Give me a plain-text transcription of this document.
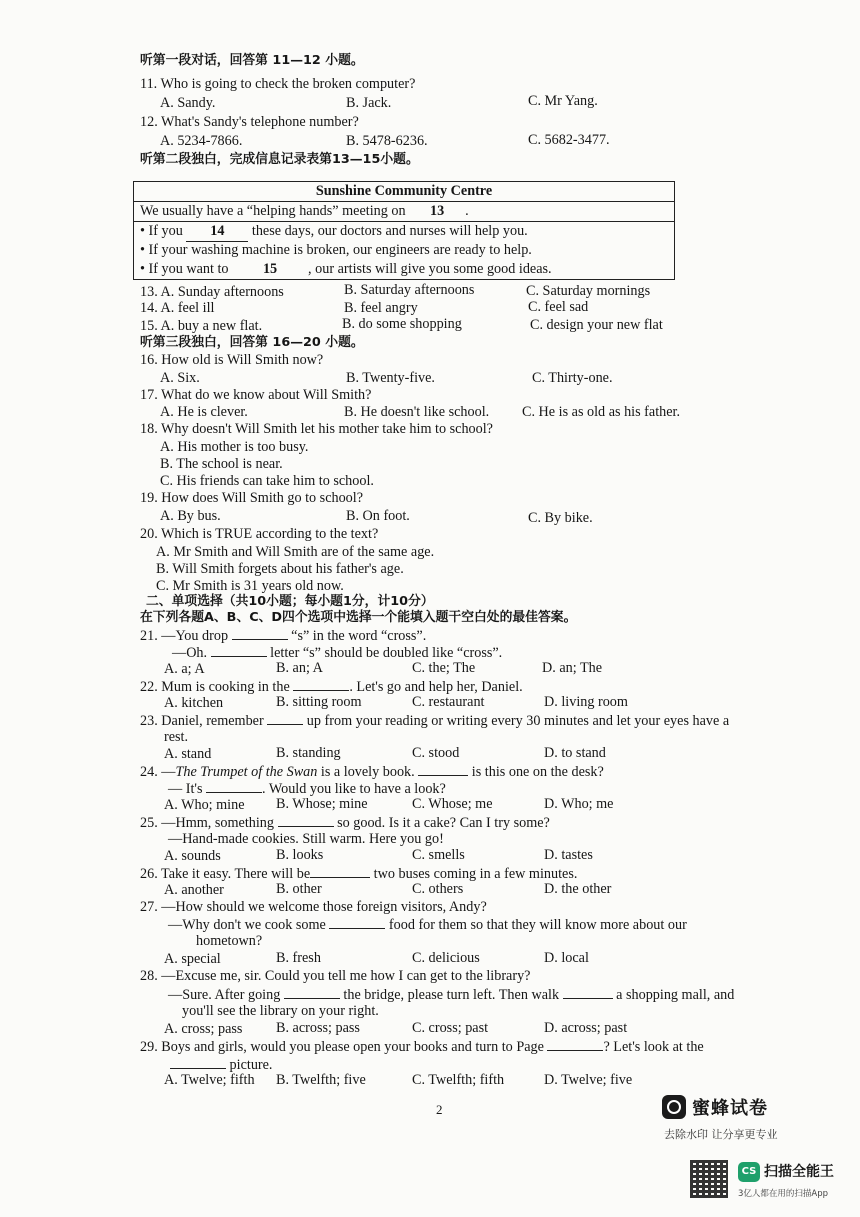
听第一段对话，回答第 11—12 小题。
11. Who is going to check the broken computer?
A. Sandy.	B. Jack.	C. Mr Yang.
12. What's Sandy's telephone number?
A. 5234-7866.	B. 5478-6236.	C. 5682-3477.
听第二段独白，完成信息记录表第13—15小题。
Sunshine Community Centre
We usually have a “helping hands” meeting on 13 .
• If you 14 these days, our doctors and nurses will help you.
• If your washing machine is broken, our engineers are ready to help.
• If you want to 15 , our artists will give you some good ideas.
13. A. Sunday afternoons	B. Saturday afternoons	C. Saturday mornings
14. A. feel ill	B. feel angry	C. feel sad
15. A. buy a new flat.	B. do some shopping	C. design your new flat
听第三段独白，回答第 16—20 小题。
16. How old is Will Smith now?
A. Six.	B. Twenty-five.	C. Thirty-one.
17. What do we know about Will Smith?
A. He is clever.	B. He doesn't like school. C. He is as old as his father.
18. Why doesn't Will Smith let his mother take him to school?
A. His mother is too busy.
B. The school is near.
C. His friends can take him to school.
19. How does Will Smith go to school?
A. By bus.	B. On foot.	C. By bike.
20. Which is TRUE according to the text?
A. Mr Smith and Will Smith are of the same age.
B. Will Smith forgets about his father's age.
C. Mr Smith is 31 years old now.
二、单项选择（共10小题；每小题1分，计10分）
在下列各题A、B、C、D四个选项中选择一个能填入题干空白处的最佳答案。
21. —You drop	“s” in the word “cross”.
—Oh.	letter “s” should be doubled like “cross”.
A. a; A	B. an; A	C. the; The	D. an; The
22. Mum is cooking in the	. Let's go and help her, Daniel.
A. kitchen	B. sitting room	C. restaurant	D. living room
23. Daniel, remember	up from your reading or writing every 30 minutes and let your eyes have a
rest.
A. stand	B. standing	C. stood	D. to stand
24. —The Trumpet of the Swan is a lovely book.	is this one on the desk?
— It's	. Would you like to have a look?
A. Who; mine B. Whose; mine	C. Whose; me	D. Who; me
25. —Hmm, something	so good. Is it a cake? Can I try some?
—Hand-made cookies. Still warm. Here you go!
A. sounds	B. looks	C. smells	D. tastes
26. Take it easy. There will be	two buses coming in a few minutes.
A. another	B. other	C. others	D. the other
27. —How should we welcome those foreign visitors, Andy?
—Why don't we cook some	food for them so that they will know more about our
hometown?
A. special	B. fresh	C. delicious	D. local
28. —Excuse me, sir. Could you tell me how I can get to the library?
—Sure. After going	the bridge, please turn left. Then walk	a shopping mall, and
you'll see the library on your right.
A. cross; pass B. across; pass	C. cross; past	D. across; past
29. Boys and girls, would you please open your books and turn to Page	? Let's look at the
picture.
A. Twelve; fifth B. Twelfth; five	C. Twelfth; fifth	D. Twelve; five
2	蜜蜂试卷
去除水印 让分享更专业
CS 扫描全能王
3亿人都在用的扫描App
